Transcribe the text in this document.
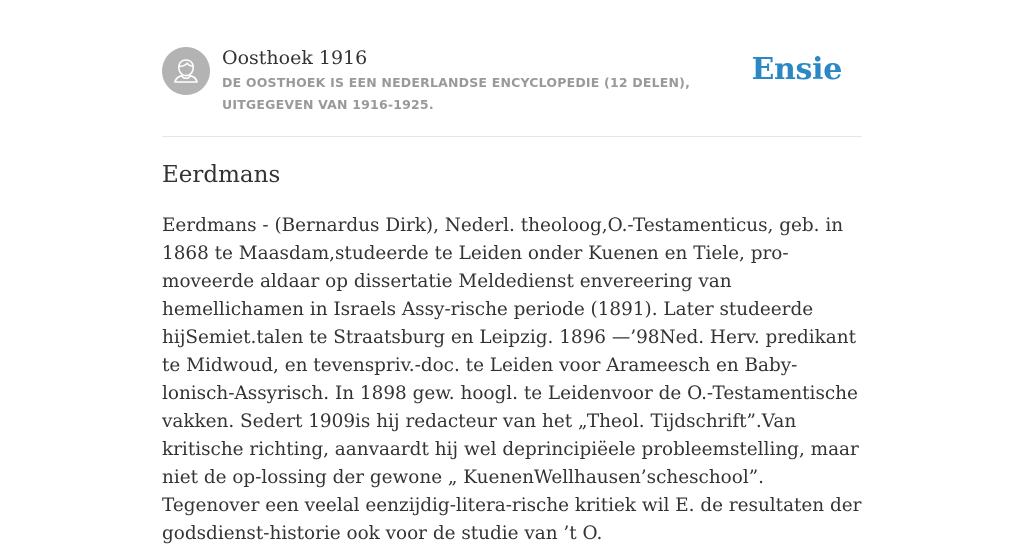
Oosthoek 1916
DE OOSTHOEK IS EEN NEDERLANDSE ENCYCLOPEDIE (12 DELEN), UITGEGEVEN VAN 1916-1925.
Ensie
Eerdmans

Eerdmans - (Bernardus Dirk), Nederl. theoloog,O.-Testamenticus, geb. in 1868 te Maasdam,studeerde te Leiden onder Kuenen en Tiele, pro-moveerde aldaar op dissertatie Meldedienst envereering van hemellichamen in Israels Assy-rische periode (1891). Later studeerde hijSemiet.talen te Straatsburg en Leipzig. 1896 —’98Ned. Herv. predikant te Midwoud, en tevenspriv.-doc. te Leiden voor Arameesch en Baby-lonisch-Assyrisch. In 1898 gew. hoogl. te Leidenvoor de O.-Testamentische vakken. Sedert 1909is hij redacteur van het „Theol. Tijdschrift”.Van kritische richting, aanvaardt hij wel deprincipiëele probleemstelling, maar niet de op-lossing der gewone „ KuenenWellhausen’scheschool”. Tegenover een veelal eenzijdig-litera-rische kritiek wil E. de resultaten der godsdienst-historie ook voor de studie van ’t O.
